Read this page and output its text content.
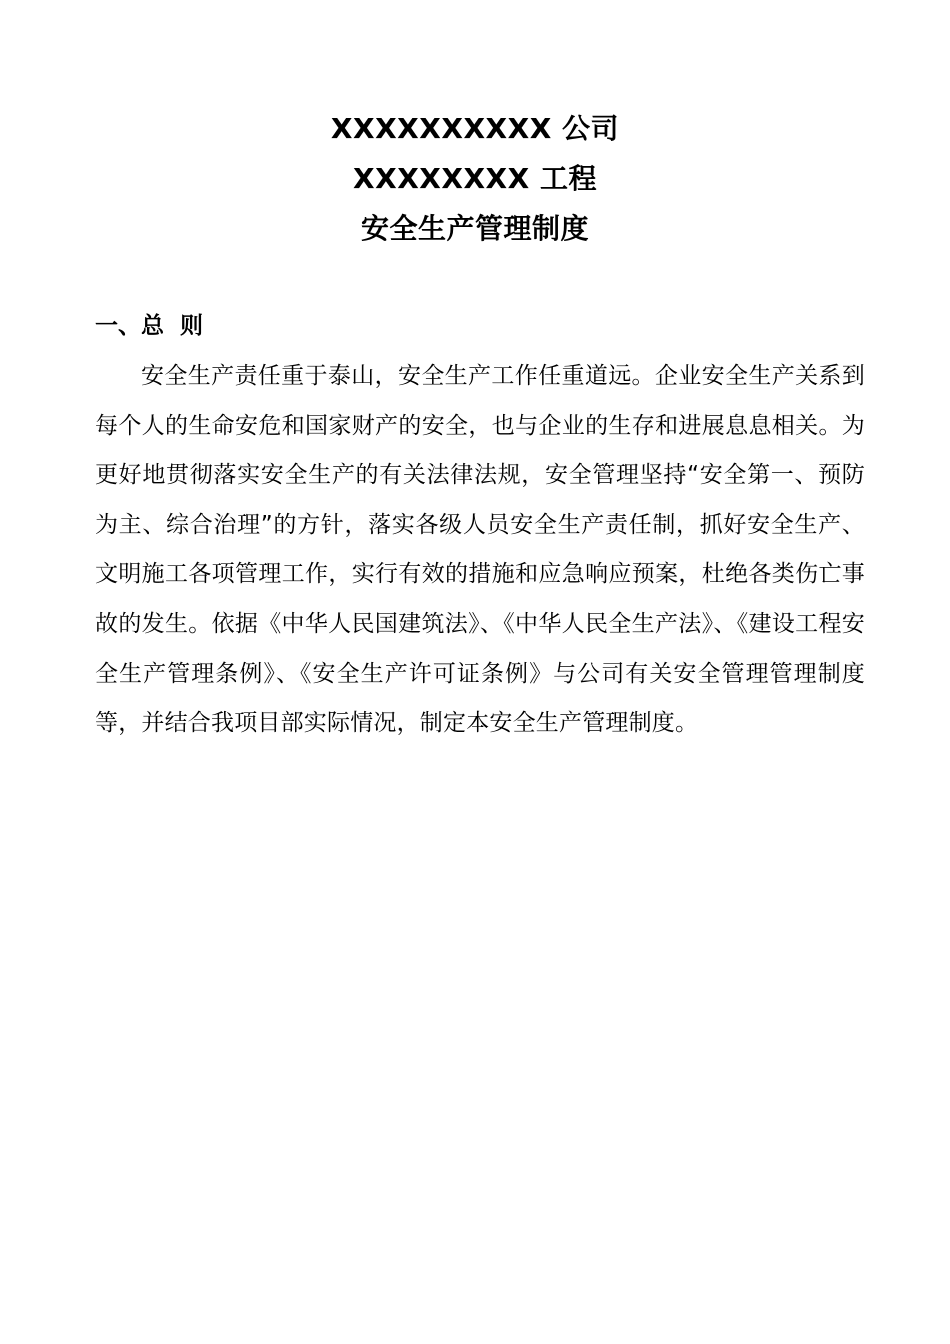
XXXXXXXXXX 公司
XXXXXXXX 工程
安全生产管理制度
一、总  则

安全生产责任重于泰山，安全生产工作任重道远。企业安全生产关系到每个人的生命安危和国家财产的安全，也与企业的生存和进展息息相关。为更好地贯彻落实安全生产的有关法律法规，安全管理坚持“安全第一、预防为主、综合治理”的方针，落实各级人员安全生产责任制，抓好安全生产、文明施工各项管理工作，实行有效的措施和应急响应预案，杜绝各类伤亡事故的发生。依据《中华人民国建筑法》、《中华人民全生产法》、《建设工程安全生产管理条例》、《安全生产许可证条例》与公司有关安全管理管理制度等，并结合我项目部实际情况，制定本安全生产管理制度。
